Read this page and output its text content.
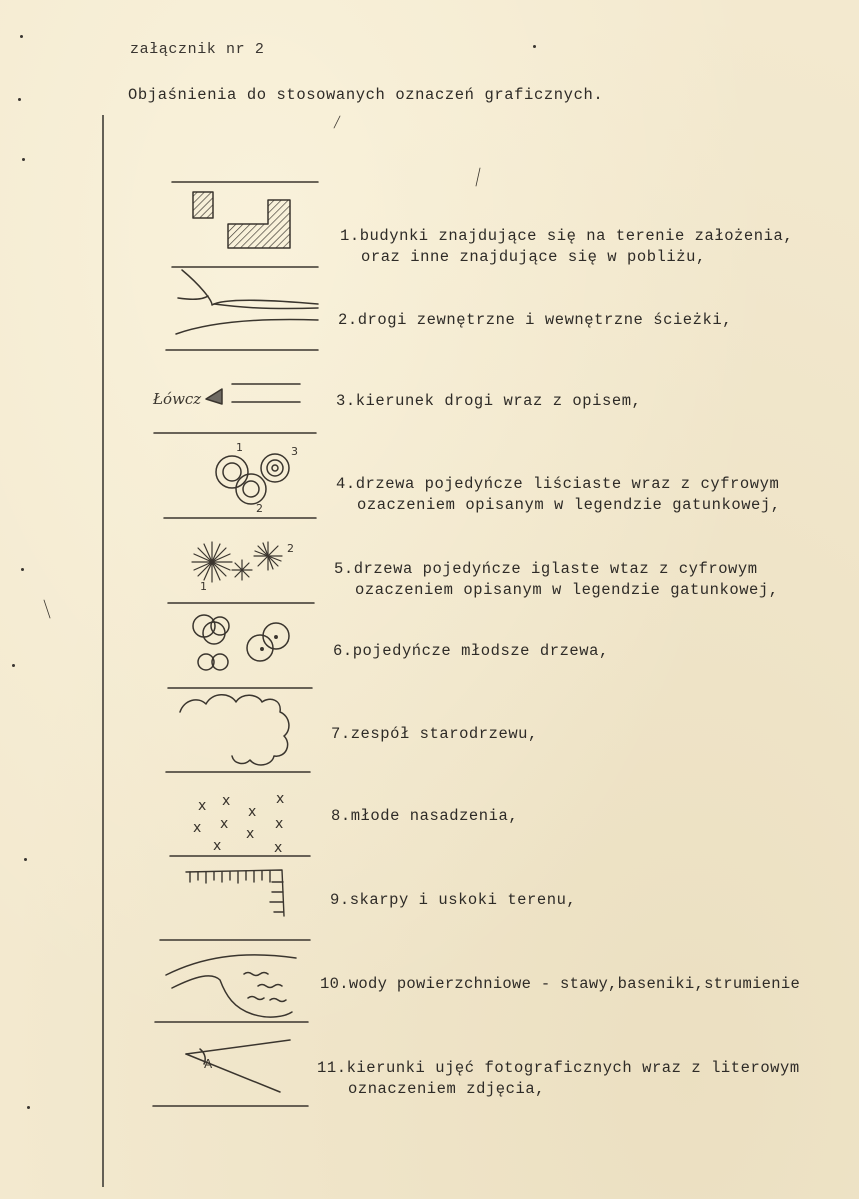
załącznik nr 2
Objaśnienia do stosowanych oznaczeń graficznych.
Łówcz
1
2
3
1
2
x x	x
x
x x
x
x
x	x
A
1.budynki znajdujące się na terenie założenia,
oraz inne znajdujące się w pobliżu,
2.drogi zewnętrzne i wewnętrzne ścieżki,
3.kierunek drogi wraz z opisem,
4.drzewa pojedyńcze liściaste wraz z cyfrowym
ozaczeniem opisanym w legendzie gatunkowej,
5.drzewa pojedyńcze iglaste wtaz z cyfrowym
ozaczeniem opisanym w legendzie gatunkowej,
6.pojedyńcze młodsze drzewa,
7.zespół starodrzewu,
8.młode nasadzenia,
9.skarpy i uskoki terenu,
10.wody powierzchniowe - stawy,baseniki,strumienie
11.kierunki ujęć fotograficznych wraz z literowym
oznaczeniem zdjęcia,
